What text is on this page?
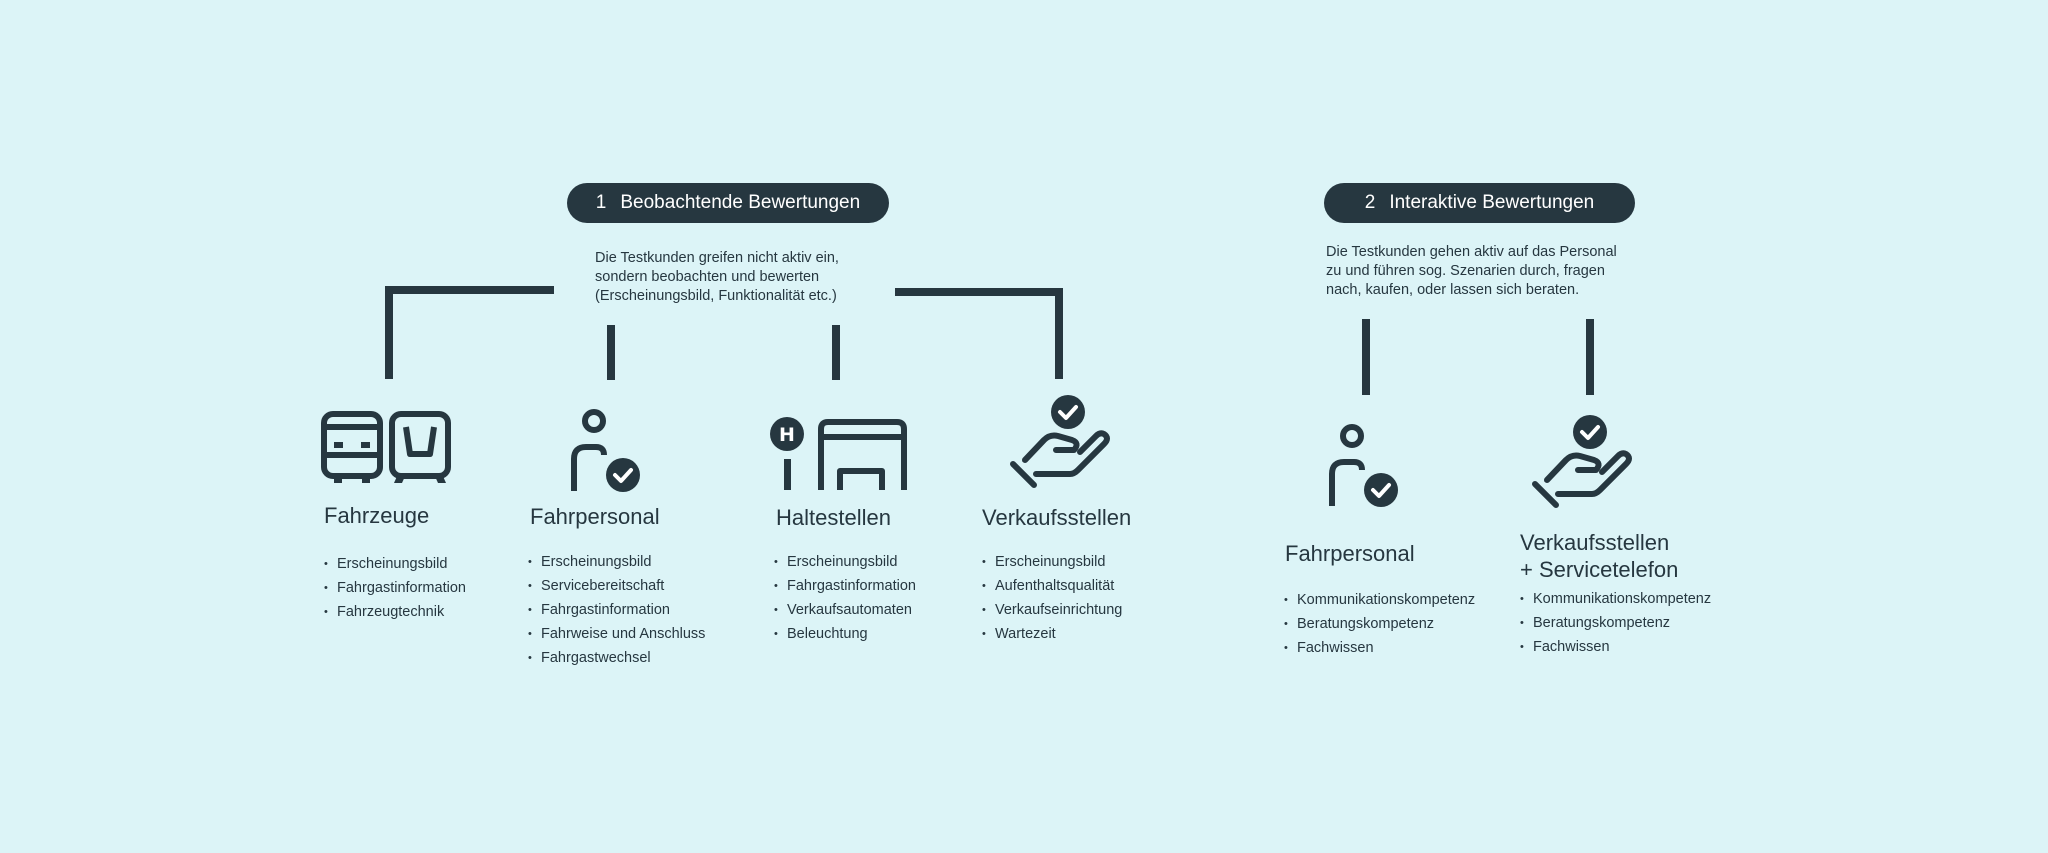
1 Beobachtende Bewertungen
Die Testkunden greifen nicht aktiv ein,
sondern beobachten und bewerten
(Erscheinungsbild, Funktionalität etc.)
2 Interaktive Bewertungen
Die Testkunden gehen aktiv auf das Personal
zu und führen sog. Szenarien durch, fragen
nach, kaufen, oder lassen sich beraten.
Fahrzeuge
• Erscheinungsbild
• Fahrgastinformation
• Fahrzeugtechnik
Fahrpersonal
• Erscheinungsbild
• Servicebereitschaft
• Fahrgastinformation
• Fahrweise und Anschluss
• Fahrgastwechsel
H
Haltestellen
• Erscheinungsbild
• Fahrgastinformation
• Verkaufsautomaten
• Beleuchtung
Verkaufsstellen
• Erscheinungsbild
• Aufenthaltsqualität
• Verkaufseinrichtung
• Wartezeit
Fahrpersonal
• Kommunikationskompetenz
• Beratungskompetenz
• Fachwissen
Verkaufsstellen
+ Servicetelefon
• Kommunikationskompetenz
• Beratungskompetenz
• Fachwissen
